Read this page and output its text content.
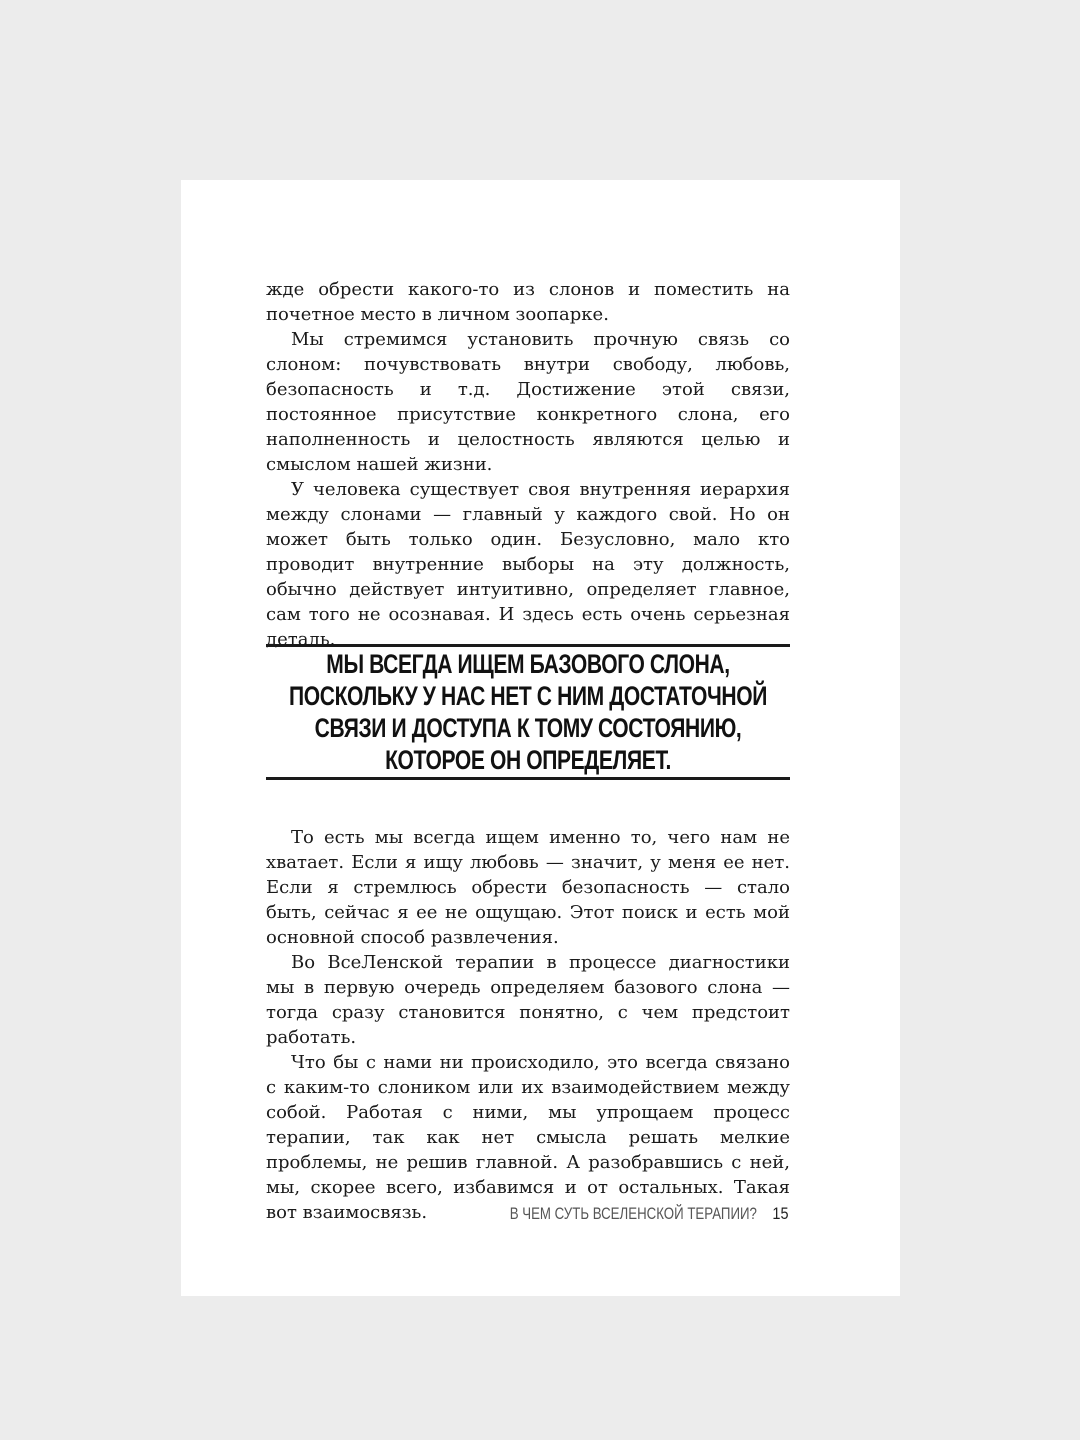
жде обрести какого-то из слонов и поместить на почетное место в личном зоопарке.

Мы стремимся установить прочную связь со слоном: почувствовать внутри свободу, любовь, безопасность и т.д. Достижение этой связи, постоянное присутствие конкретного слона, его наполненность и целостность являются целью и смыслом нашей жизни.

У человека существует своя внутренняя иерархия между слонами — главный у каждого свой. Но он может быть только один. Безусловно, мало кто проводит внутренние выборы на эту должность, обычно действует интуитивно, определяет главное, сам того не осознавая. И здесь есть очень серьезная деталь.

МЫ ВСЕГДА ИЩЕМ БАЗОВОГО СЛОНА, ПОСКОЛЬКУ У НАС НЕТ С НИМ ДОСТАТОЧНОЙ СВЯЗИ И ДОСТУПА К ТОМУ СОСТОЯНИЮ, КОТОРОЕ ОН ОПРЕДЕЛЯЕТ.

То есть мы всегда ищем именно то, чего нам не хватает. Если я ищу любовь — значит, у меня ее нет. Если я стремлюсь обрести безопасность — стало быть, сейчас я ее не ощущаю. Этот поиск и есть мой основной способ развлечения.

Во ВсеЛенской терапии в процессе диагностики мы в первую очередь определяем базового слона — тогда сразу становится понятно, с чем предстоит работать.

Что бы с нами ни происходило, это всегда связано с каким-то слоником или их взаимодействием между собой. Работая с ними, мы упрощаем процесс терапии, так как нет смысла решать мелкие проблемы, не решив главной. А разобравшись с ней, мы, скорее всего, избавимся и от остальных. Такая вот взаимосвязь.	В ЧЕМ СУТЬ ВСЕЛЕНСКОЙ ТЕРАПИИ? 15
